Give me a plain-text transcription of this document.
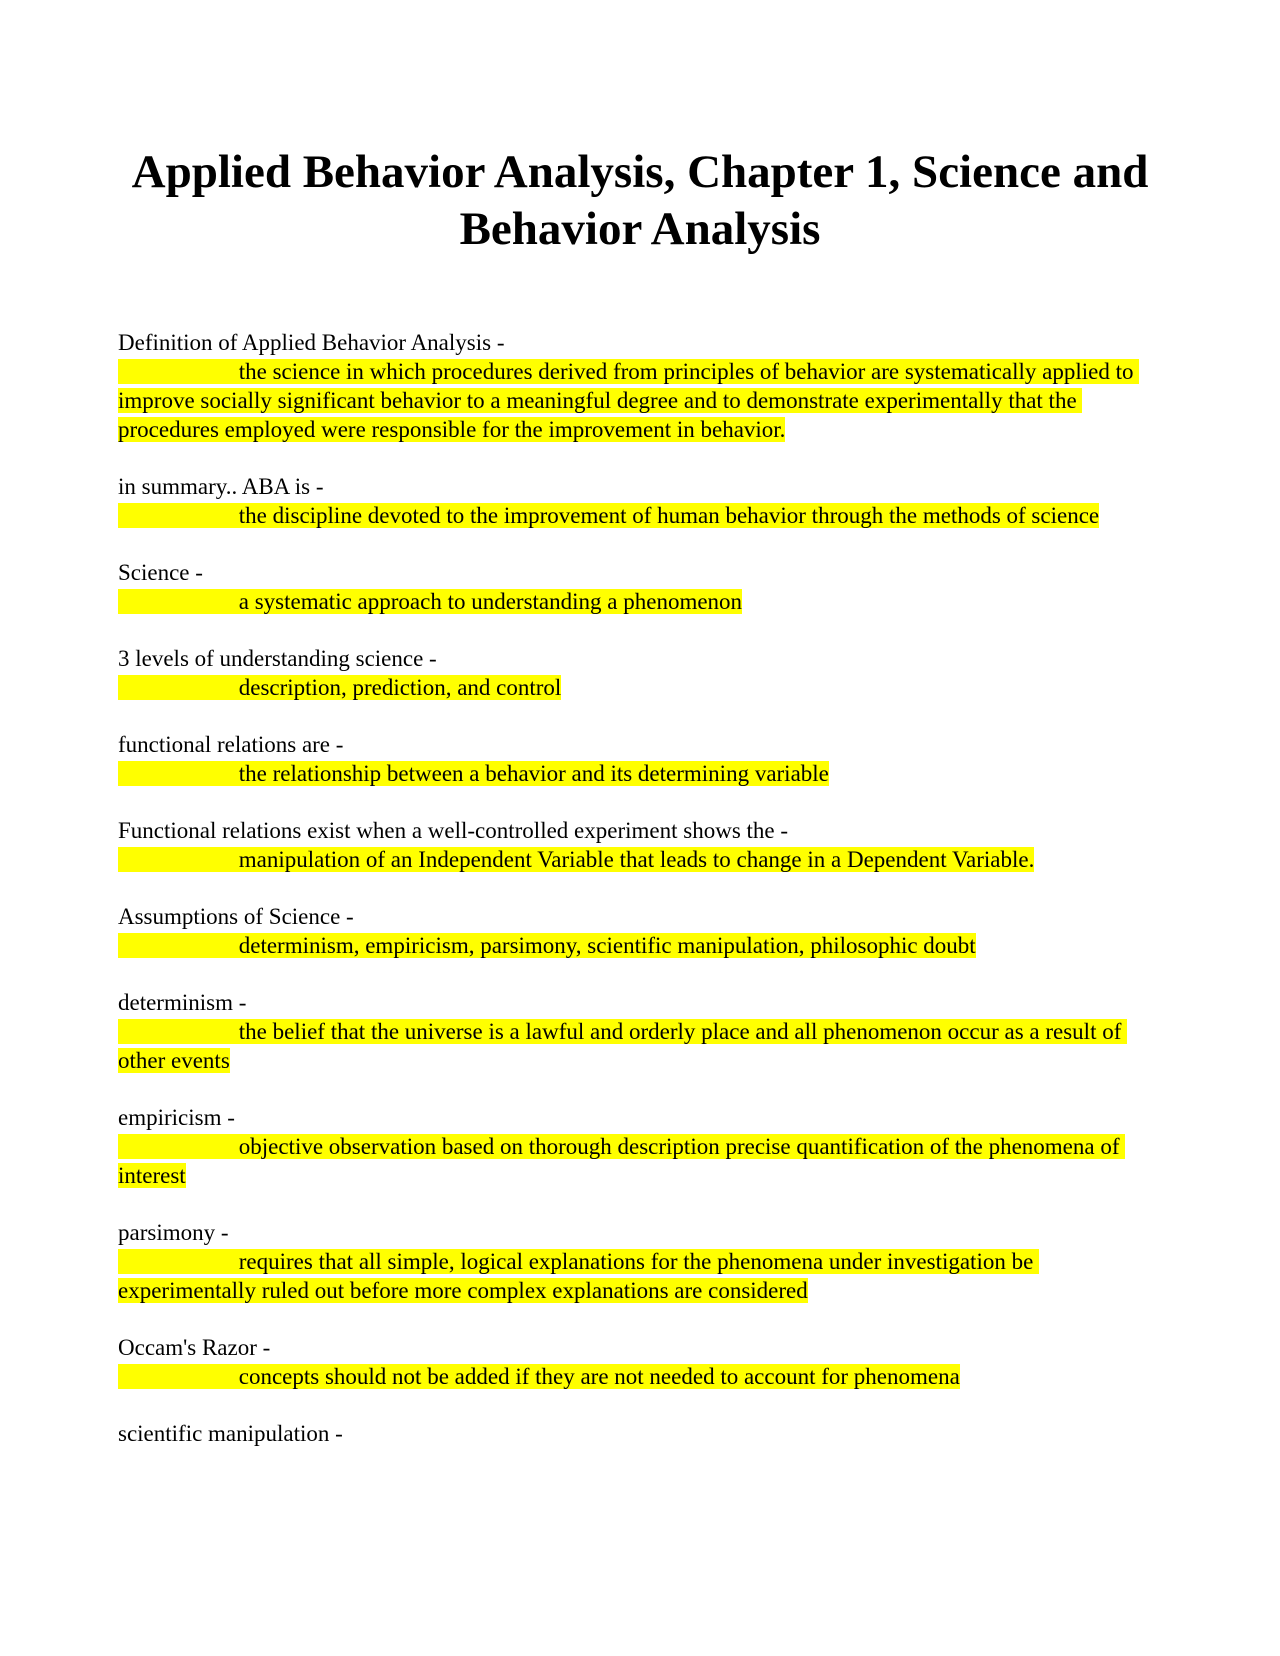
Applied Behavior Analysis, Chapter 1, Science and Behavior Analysis
Definition of Applied Behavior Analysis -
the science in which procedures derived from principles of behavior are systematically applied to improve socially significant behavior to a meaningful degree and to demonstrate experimentally that the procedures employed were responsible for the improvement in behavior.
in summary.. ABA is -
the discipline devoted to the improvement of human behavior through the methods of science
Science -
a systematic approach to understanding a phenomenon
3 levels of understanding science -
description, prediction, and control
functional relations are -
the relationship between a behavior and its determining variable
Functional relations exist when a well-controlled experiment shows the -
manipulation of an Independent Variable that leads to change in a Dependent Variable.
Assumptions of Science -
determinism, empiricism, parsimony, scientific manipulation, philosophic doubt
determinism -
the belief that the universe is a lawful and orderly place and all phenomenon occur as a result of other events
empiricism -
objective observation based on thorough description precise quantification of the phenomena of interest
parsimony -
requires that all simple, logical explanations for the phenomena under investigation be experimentally ruled out before more complex explanations are considered
Occam's Razor -
concepts should not be added if they are not needed to account for phenomena
scientific manipulation -
